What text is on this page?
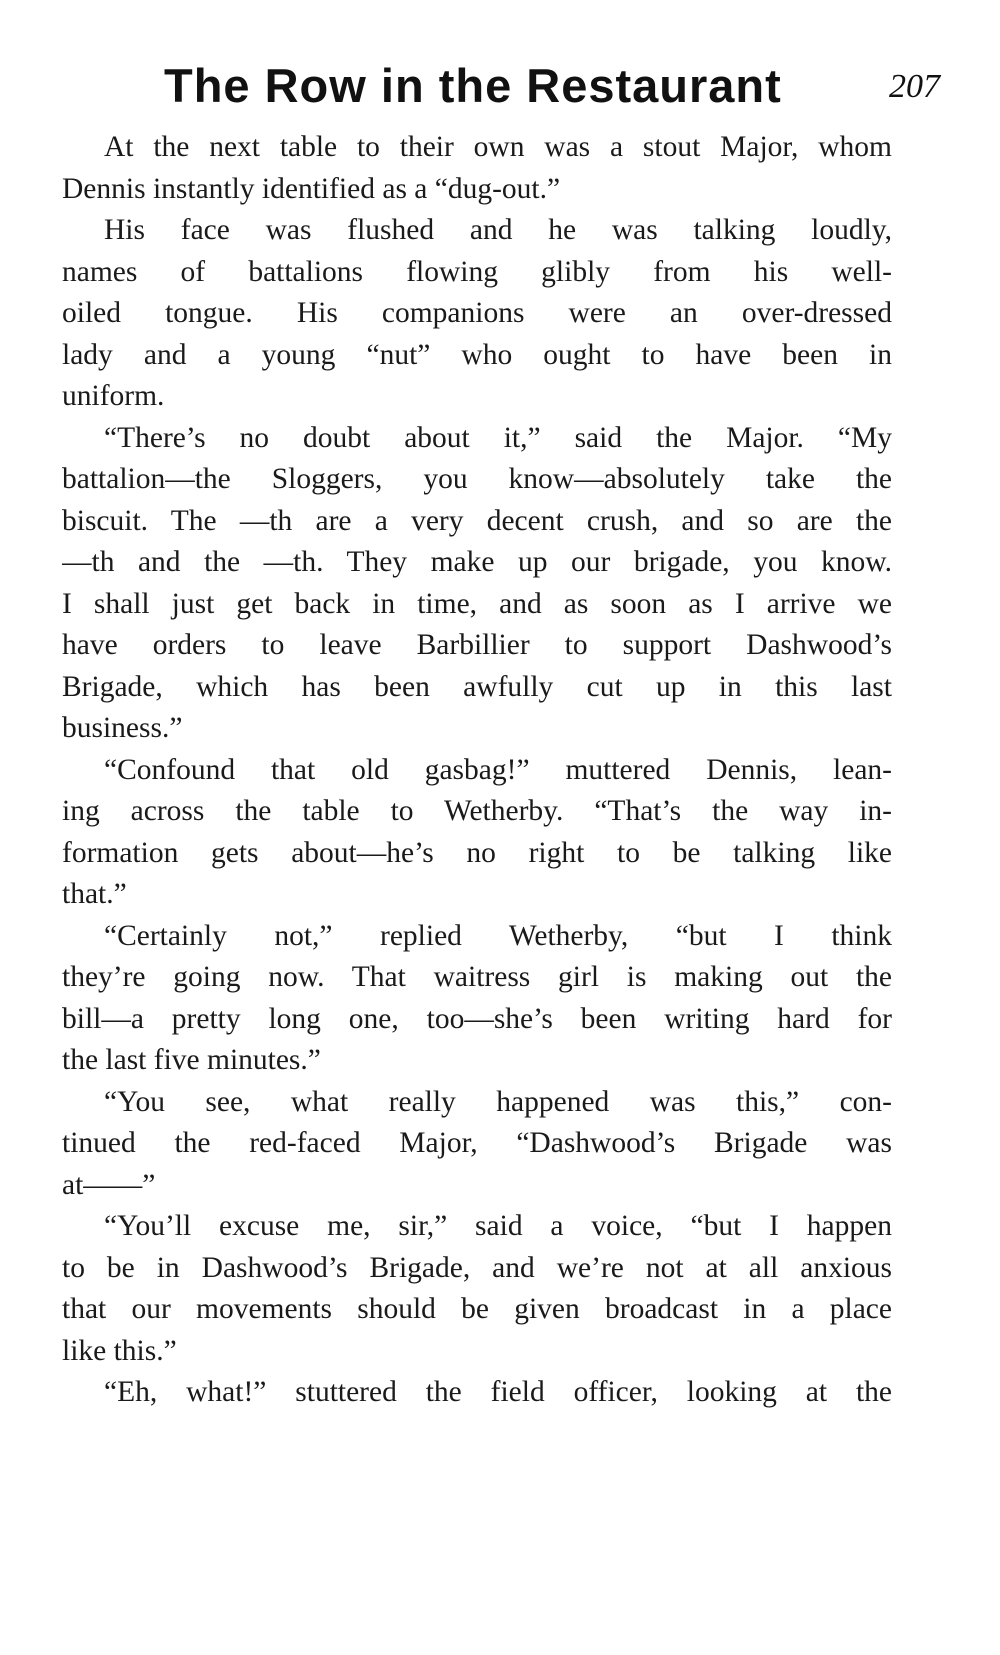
The Row in the Restaurant	207
At the next table to their own was a stout Major, whom
Dennis instantly identified as a “dug-out.”
His face was flushed and he was talking loudly,
names of battalions flowing glibly from his well-
oiled tongue. His companions were an over-dressed
lady and a young “nut” who ought to have been in
uniform.
“There’s no doubt about it,” said the Major. “My
battalion—the Sloggers, you know—absolutely take the
biscuit. The —th are a very decent crush, and so are the
—th and the —th. They make up our brigade, you know.
I shall just get back in time, and as soon as I arrive we
have orders to leave Barbillier to support Dashwood’s
Brigade, which has been awfully cut up in this last
business.”
“Confound that old gasbag!” muttered Dennis, lean-
ing across the table to Wetherby. “That’s the way in-
formation gets about—he’s no right to be talking like
that.”
“Certainly not,” replied Wetherby, “but I think
they’re going now. That waitress girl is making out the
bill—a pretty long one, too—she’s been writing hard for
the last five minutes.”
“You see, what really happened was this,” con-
tinued the red-faced Major, “Dashwood’s Brigade was
at——”
“You’ll excuse me, sir,” said a voice, “but I happen
to be in Dashwood’s Brigade, and we’re not at all anxious
that our movements should be given broadcast in a place
like this.”
“Eh, what!” stuttered the field officer, looking at the
